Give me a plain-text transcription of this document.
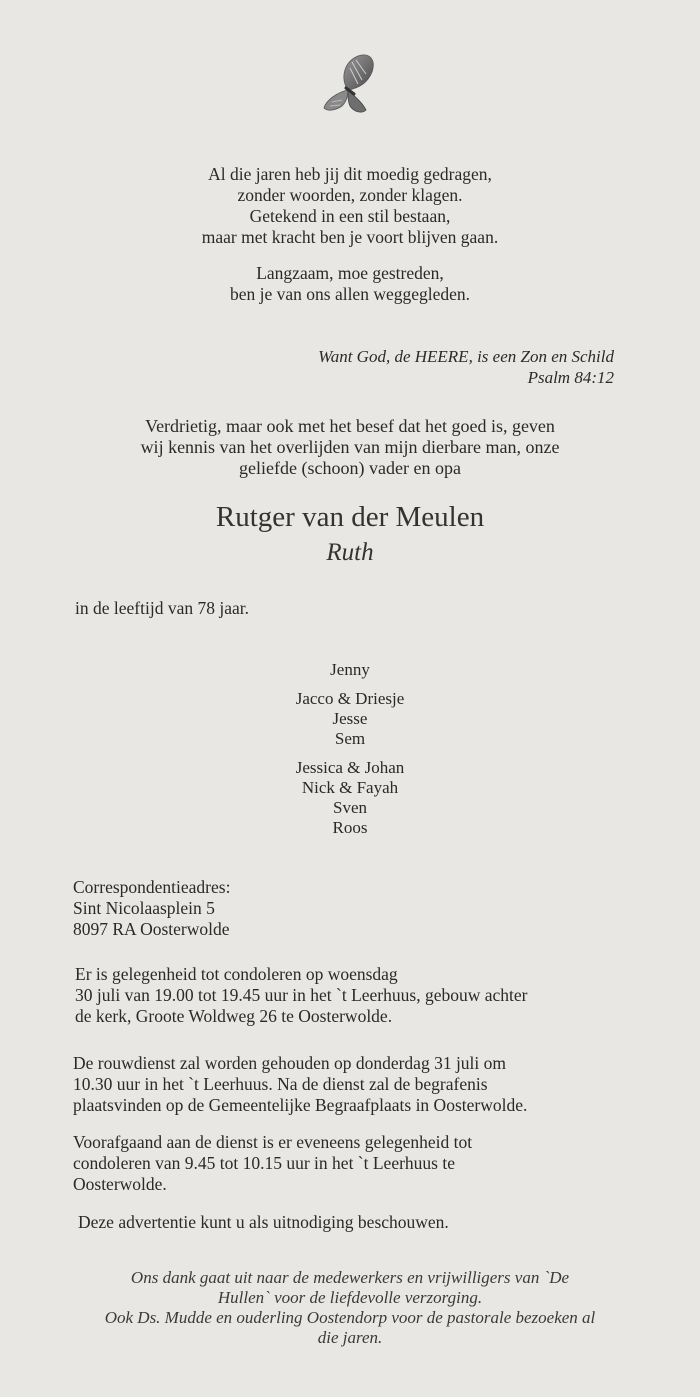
Al die jaren heb jij dit moedig gedragen,
zonder woorden, zonder klagen.
Getekend in een stil bestaan,
maar met kracht ben je voort blijven gaan.
Langzaam, moe gestreden,
ben je van ons allen weggegleden.
Want God, de HEERE, is een Zon en Schild
Psalm 84:12
Verdrietig, maar ook met het besef dat het goed is, geven
wij kennis van het overlijden van mijn dierbare man, onze
geliefde (schoon) vader en opa
Rutger van der Meulen
Ruth
in de leeftijd van 78 jaar.
Jenny
Jacco & Driesje
Jesse
Sem
Jessica & Johan
Nick & Fayah
Sven
Roos
Correspondentieadres:
Sint Nicolaasplein 5
8097 RA Oosterwolde
Er is gelegenheid tot condoleren op woensdag
30 juli van 19.00 tot 19.45 uur in het `t Leerhuus, gebouw achter
de kerk, Groote Woldweg 26 te Oosterwolde.
De rouwdienst zal worden gehouden op donderdag 31 juli om
10.30 uur in het `t Leerhuus. Na de dienst zal de begrafenis
plaatsvinden op de Gemeentelijke Begraafplaats in Oosterwolde.
Voorafgaand aan de dienst is er eveneens gelegenheid tot
condoleren van 9.45 tot 10.15 uur in het `t Leerhuus te
Oosterwolde.
Deze advertentie kunt u als uitnodiging beschouwen.
Ons dank gaat uit naar de medewerkers en vrijwilligers van `De
Hullen` voor de liefdevolle verzorging.
Ook Ds. Mudde en ouderling Oostendorp voor de pastorale bezoeken al
die jaren.
